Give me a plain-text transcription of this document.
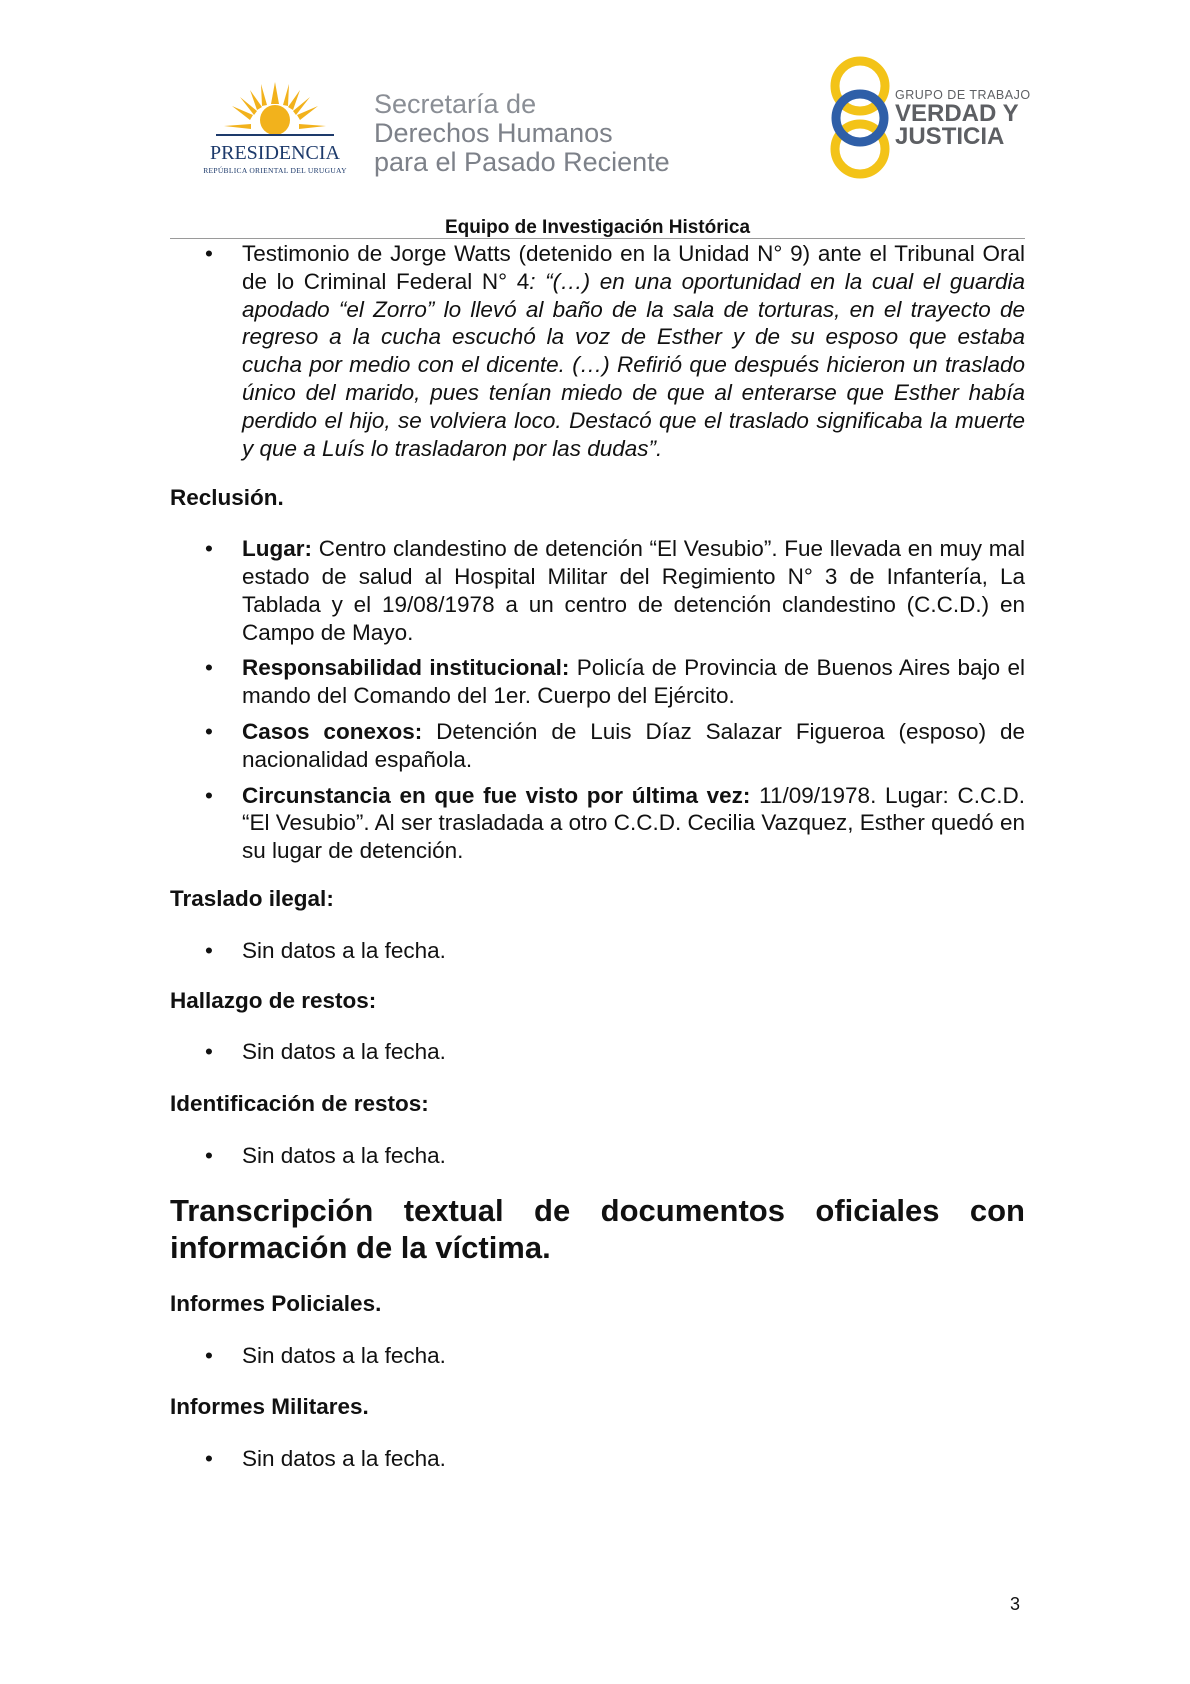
PRESIDENCIA
REPÚBLICA ORIENTAL DEL URUGUAY
Secretaría de
Derechos Humanos
para el Pasado Reciente
GRUPO DE TRABAJO
VERDAD Y
JUSTICIA
Equipo de Investigación Histórica
• Testimonio de Jorge Watts (detenido en la Unidad N° 9) ante el Tribunal Oral de lo Criminal Federal N° 4: “(…) en una oportunidad en la cual el guardia apodado “el Zorro” lo llevó al baño de la sala de torturas, en el trayecto de regreso a la cucha escuchó la voz de Esther y de su esposo que estaba cucha por medio con el dicente. (…) Refirió que después hicieron un traslado único del marido, pues tenían miedo de que al enterarse que Esther había perdido el hijo, se volviera loco. Destacó que el traslado significaba la muerte y que a Luís lo trasladaron por las dudas”.

Reclusión.

• Lugar: Centro clandestino de detención “El Vesubio”. Fue llevada en muy mal estado de salud al Hospital Militar del Regimiento N° 3 de Infantería, La Tablada y el 19/08/1978 a un centro de detención clandestino (C.C.D.) en Campo de Mayo.
• Responsabilidad institucional: Policía de Provincia de Buenos Aires bajo el mando del Comando del 1er. Cuerpo del Ejército.
• Casos conexos: Detención de Luis Díaz Salazar Figueroa (esposo) de nacionalidad española.
• Circunstancia en que fue visto por última vez: 11/09/1978. Lugar: C.C.D. “El Vesubio”. Al ser trasladada a otro C.C.D. Cecilia Vazquez, Esther quedó en su lugar de detención.

Traslado ilegal:

• Sin datos a la fecha.

Hallazgo de restos:

• Sin datos a la fecha.

Identificación de restos:

• Sin datos a la fecha.

Transcripción textual de documentos oficiales con información de la víctima.

Informes Policiales.

• Sin datos a la fecha.

Informes Militares.

• Sin datos a la fecha.
3
